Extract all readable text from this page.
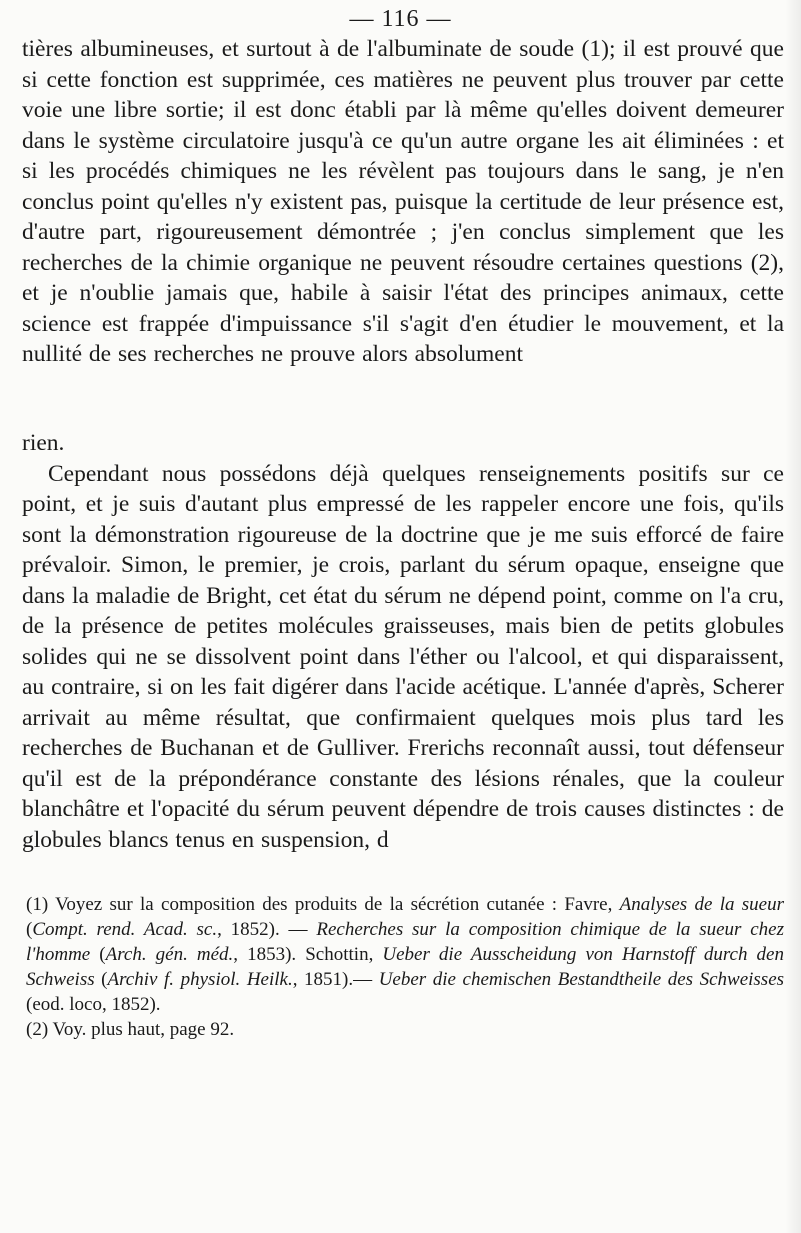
— 116 —

tières albumineuses, et surtout à de l'albuminate de soude (1); il est prouvé que si cette fonction est supprimée, ces matières ne peuvent plus trouver par cette voie une libre sortie; il est donc établi par là même qu'elles doivent demeurer dans le système circulatoire jusqu'à ce qu'un autre organe les ait éliminées : et si les procédés chimiques ne les révèlent pas toujours dans le sang, je n'en conclus point qu'elles n'y existent pas, puisque la certitude de leur présence est, d'autre part, rigoureusement démontrée ; j'en conclus simplement que les recherches de la chimie organique ne peuvent résoudre certaines questions (2), et je n'oublie jamais que, habile à saisir l'état des principes animaux, cette science est frappée d'impuissance s'il s'agit d'en étudier le mouvement, et la nullité de ses recherches ne prouve alors absolument

rien.
Cependant nous possédons déjà quelques renseignements positifs sur ce point, et je suis d'autant plus empressé de les rappeler encore une fois, qu'ils sont la démonstration rigoureuse de la doctrine que je me suis efforcé de faire prévaloir. Simon, le premier, je crois, parlant du sérum opaque, enseigne que dans la maladie de Bright, cet état du sérum ne dépend point, comme on l'a cru, de la présence de petites molécules graisseuses, mais bien de petits globules solides qui ne se dissolvent point dans l'éther ou l'alcool, et qui disparaissent, au contraire, si on les fait digérer dans l'acide acétique. L'année d'après, Scherer arrivait au même résultat, que confirmaient quelques mois plus tard les recherches de Buchanan et de Gulliver. Frerichs reconnaît aussi, tout défenseur qu'il est de la prépondérance constante des lésions rénales, que la couleur blanchâtre et l'opacité du sérum peuvent dépendre de trois causes distinctes : de globules blancs tenus en suspension, d

(1) Voyez sur la composition des produits de la sécrétion cutanée : Favre, Analyses de la sueur (Compt. rend. Acad. sc., 1852). — Recherches sur la composition chimique de la sueur chez l'homme (Arch. gén. méd., 1853). Schottin, Ueber die Ausscheidung von Harnstoff durch den Schweiss (Archiv f. physiol. Heilk., 1851).— Ueber die chemischen Bestandtheile des Schweisses (eod. loco, 1852).

(2) Voy. plus haut, page 92.
